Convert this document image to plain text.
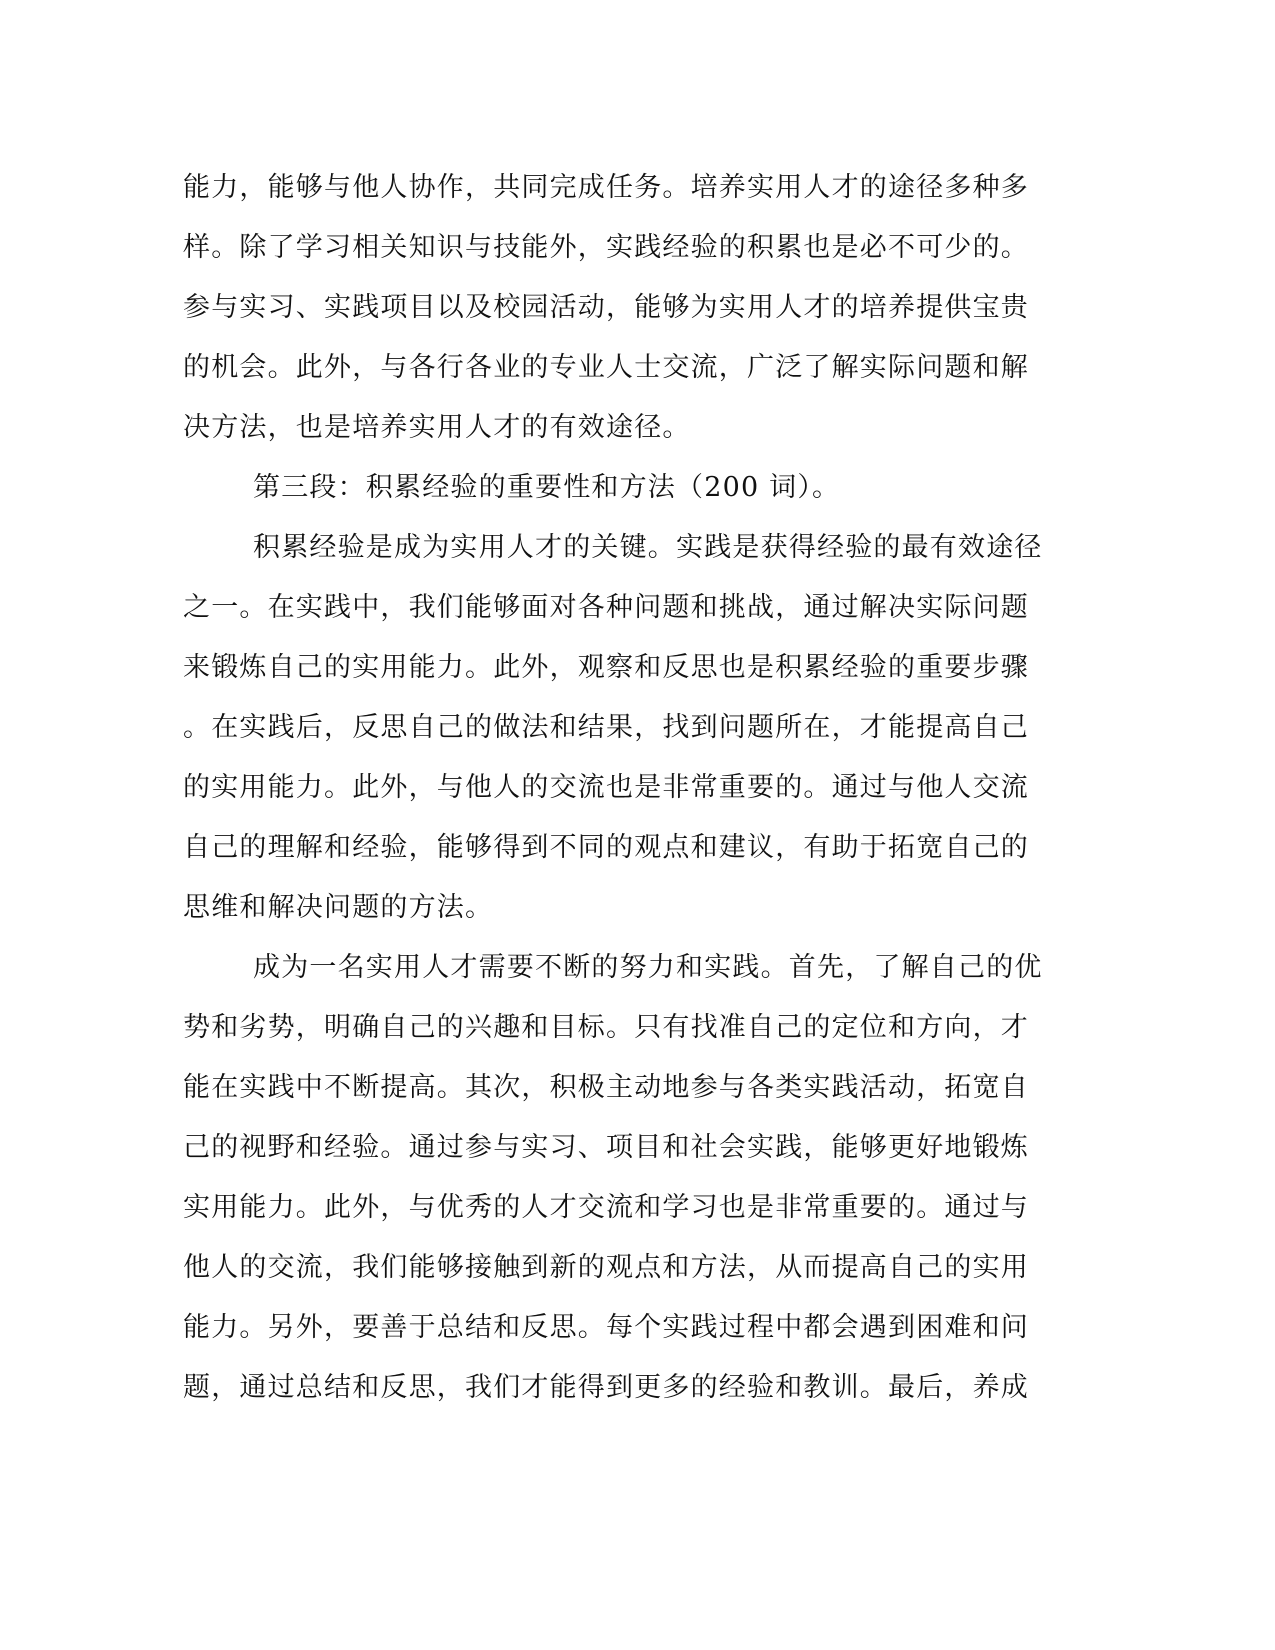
能力，能够与他人协作，共同完成任务。培养实用人才的途径多种多
样。除了学习相关知识与技能外，实践经验的积累也是必不可少的。
参与实习、实践项目以及校园活动，能够为实用人才的培养提供宝贵
的机会。此外，与各行各业的专业人士交流，广泛了解实际问题和解
决方法，也是培养实用人才的有效途径。
第三段：积累经验的重要性和方法（200 词）。
积累经验是成为实用人才的关键。实践是获得经验的最有效途径
之一。在实践中，我们能够面对各种问题和挑战，通过解决实际问题
来锻炼自己的实用能力。此外，观察和反思也是积累经验的重要步骤
。在实践后，反思自己的做法和结果，找到问题所在，才能提高自己
的实用能力。此外，与他人的交流也是非常重要的。通过与他人交流
自己的理解和经验，能够得到不同的观点和建议，有助于拓宽自己的
思维和解决问题的方法。
成为一名实用人才需要不断的努力和实践。首先，了解自己的优
势和劣势，明确自己的兴趣和目标。只有找准自己的定位和方向，才
能在实践中不断提高。其次，积极主动地参与各类实践活动，拓宽自
己的视野和经验。通过参与实习、项目和社会实践，能够更好地锻炼
实用能力。此外，与优秀的人才交流和学习也是非常重要的。通过与
他人的交流，我们能够接触到新的观点和方法，从而提高自己的实用
能力。另外，要善于总结和反思。每个实践过程中都会遇到困难和问
题，通过总结和反思，我们才能得到更多的经验和教训。最后，养成
